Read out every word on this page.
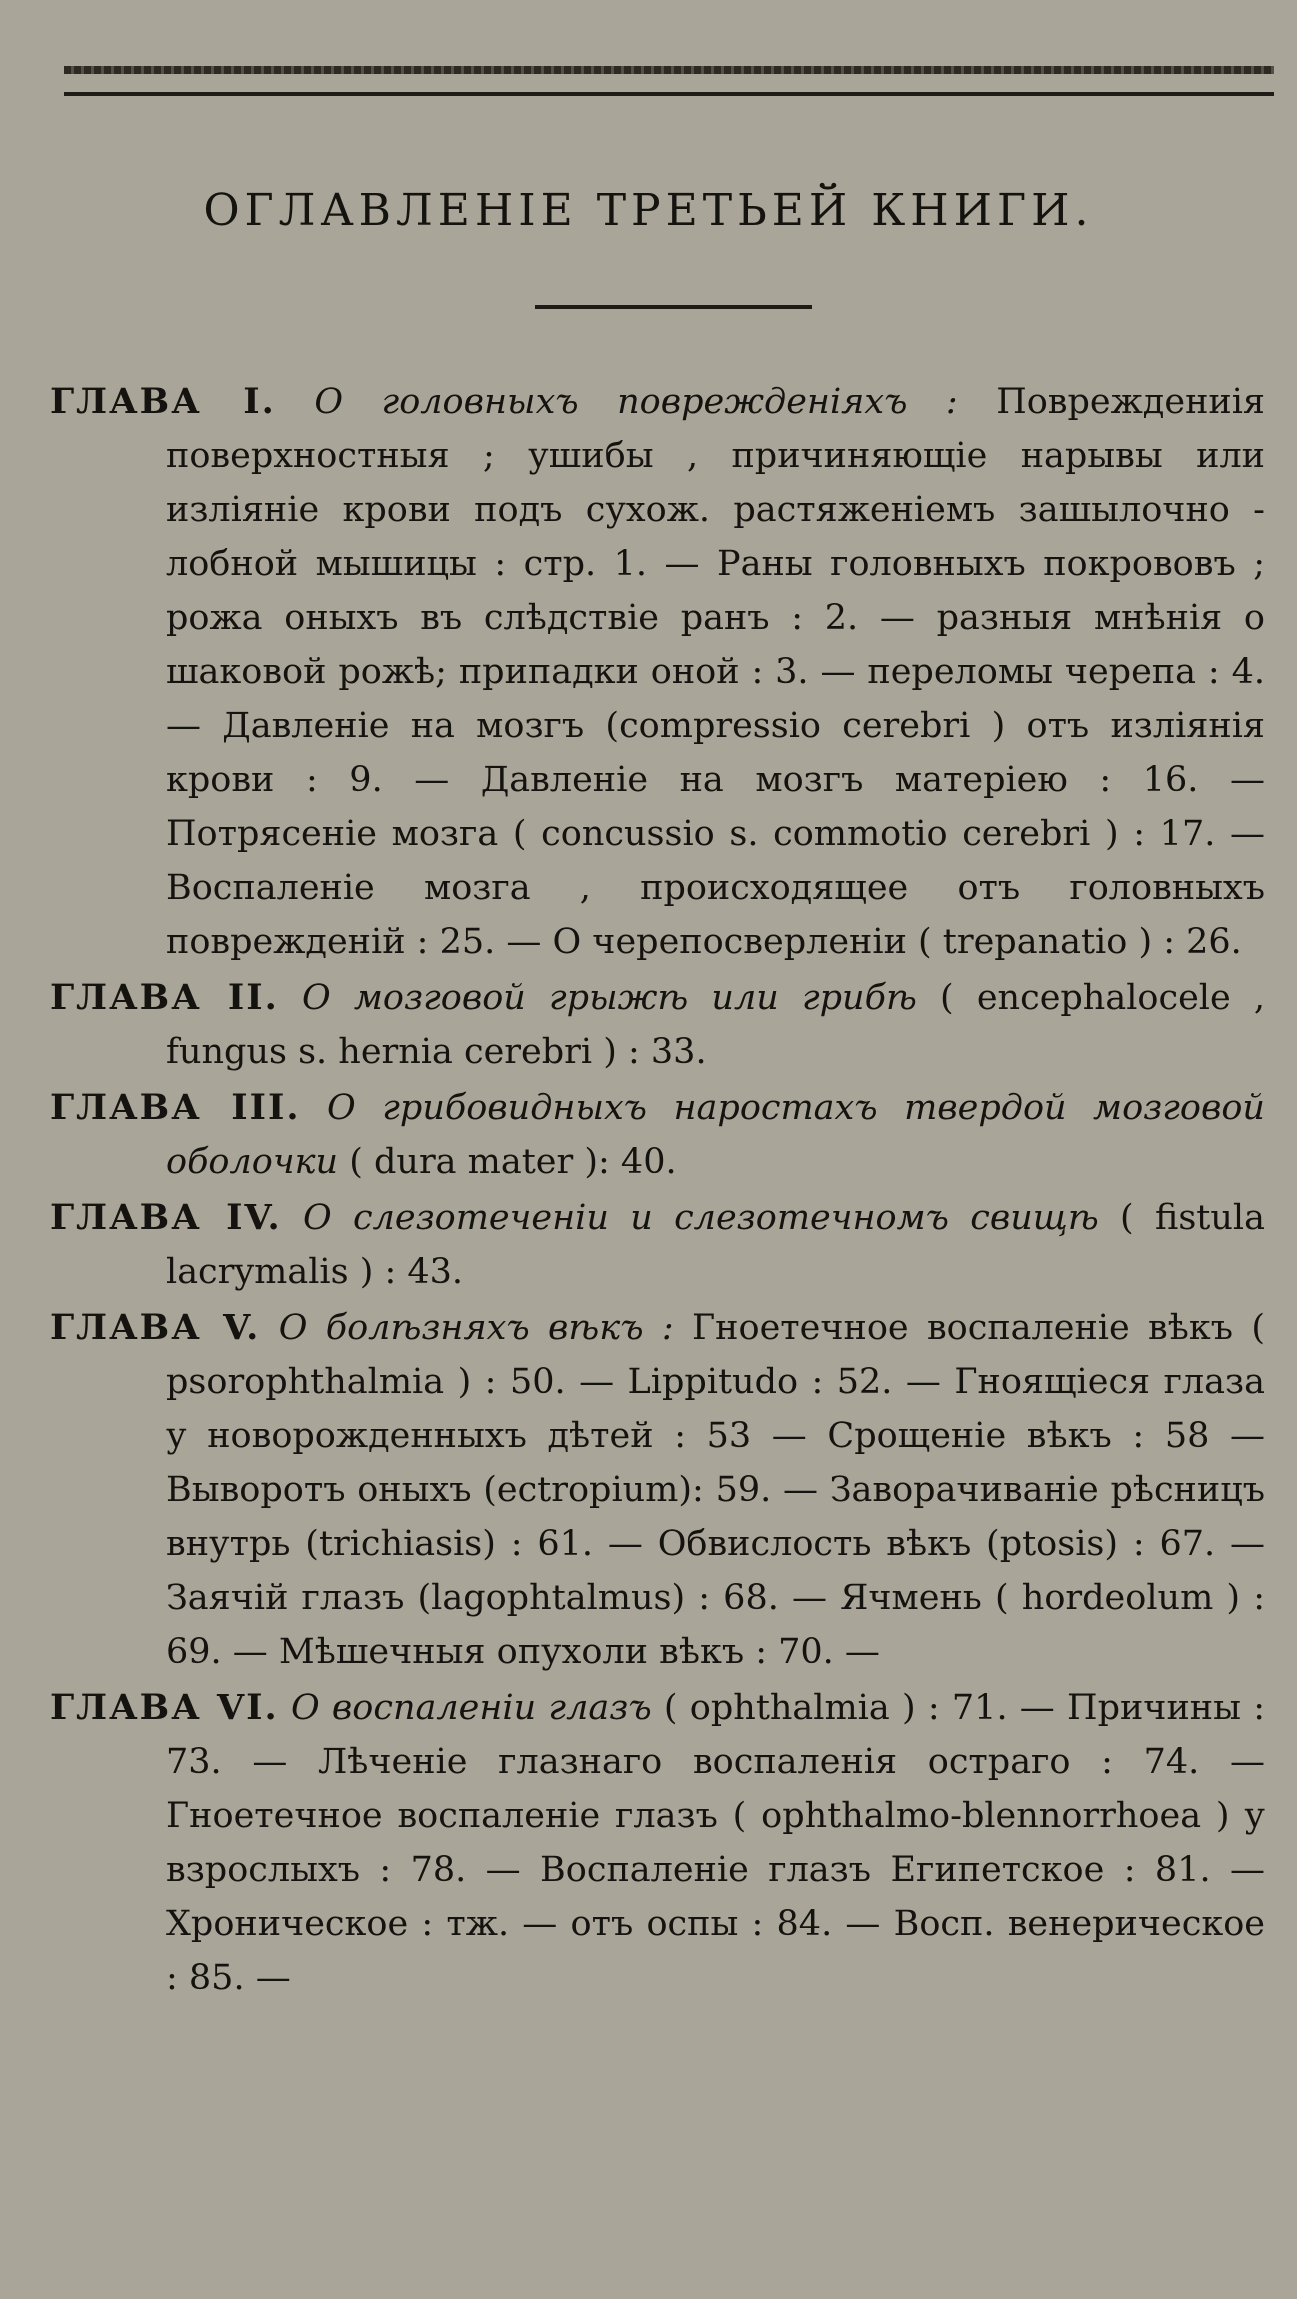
ОГЛАВЛЕНІЕ ТРЕТЬЕЙ КНИГИ.

ГЛАВА I. О головныхъ поврежденіяхъ : Повреждениія поверхностныя ; ушибы , причиняющіе нарывы или изліяніе крови подъ сухож. растяженіемъ зашылочно - лобной мышицы : стр. 1. — Раны головныхъ покрововъ ; рожа оныхъ въ слѣдствіе ранъ : 2. — разныя мнѣнія о шаковой рожѣ; припадки оной : 3. — переломы черепа : 4. — Давленіе на мозгъ (compressio cerebri ) отъ изліянія крови : 9. — Давленіе на мозгъ матеріею : 16. — Потрясеніе мозга ( concussio s. commotio cerebri ) : 17. — Воспаленіе мозга , происходящее отъ головныхъ поврежденій : 25. — О черепосверленіи ( trepanatio ) : 26.

ГЛАВА II. О мозговой грыжѣ или грибѣ ( encephalocele , fungus s. hernia cerebri ) : 33.

ГЛАВА III. О грибовидныхъ наростахъ твердой мозговой оболочки ( dura mater ): 40.

ГЛАВА IV. О слезотеченіи и слезотечномъ свищѣ ( fistula lacrymalis ) : 43.

ГЛАВА V. О болѣзняхъ вѣкъ : Гноетечное воспаленіе вѣкъ ( psorophthalmia ) : 50. — Lippitudo : 52. — Гноящіеся глаза у новорожденныхъ дѣтей : 53 — Срощеніе вѣкъ : 58 — Выворотъ оныхъ (ectropium): 59. — Заворачиваніе рѣсницъ внутрь (trichiasis) : 61. — Обвислость вѣкъ (ptosis) : 67. — Заячій глазъ (lagophtalmus) : 68. — Ячмень ( hordeolum ) : 69. — Мѣшечныя опухоли вѣкъ : 70. —

ГЛАВА VI. О воспаленіи глазъ ( ophthalmia ) : 71. — Причины : 73. — Лѣченіе глазнаго воспаленія остраго : 74. — Гноетечное воспаленіе глазъ ( ophthalmo-blennorrhoea ) у взрослыхъ : 78. — Воспаленіе глазъ Египетское : 81. — Хроническое : тж. — отъ оспы : 84. — Восп. венерическое : 85. —
